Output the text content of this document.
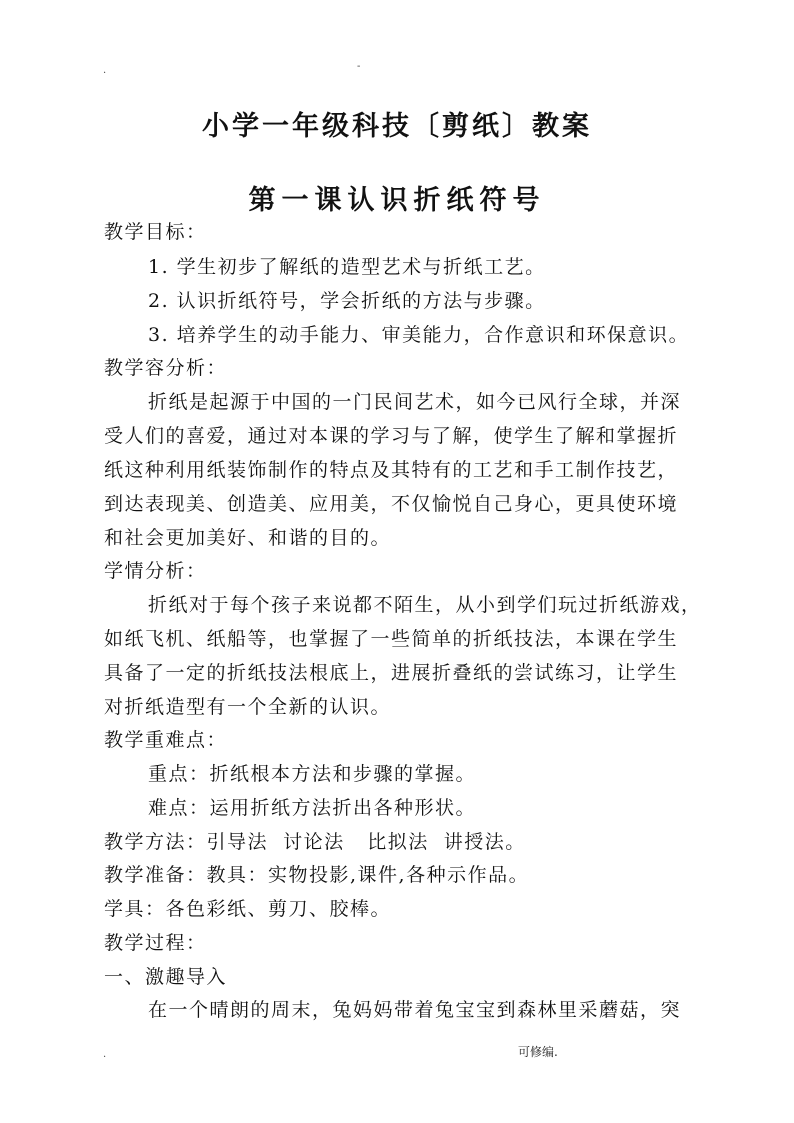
.	-
小学一年级科技〔剪纸〕教案
第一课认识折纸符号
教学目标：
1. 学生初步了解纸的造型艺术与折纸工艺。
2. 认识折纸符号，学会折纸的方法与步骤。
3. 培养学生的动手能力、审美能力，合作意识和环保意识。
教学容分析：
折纸是起源于中国的一门民间艺术，如今已风行全球，并深
受人们的喜爱，通过对本课的学习与了解，使学生了解和掌握折
纸这种利用纸装饰制作的特点及其特有的工艺和手工制作技艺，
到达表现美、创造美、应用美，不仅愉悦自己身心，更具使环境
和社会更加美好、和谐的目的。
学情分析：
折纸对于每个孩子来说都不陌生，从小到学们玩过折纸游戏，
如纸飞机、纸船等，也掌握了一些简单的折纸技法，本课在学生
具备了一定的折纸技法根底上，进展折叠纸的尝试练习，让学生
对折纸造型有一个全新的认识。
教学重难点：
重点：折纸根本方法和步骤的掌握。
难点：运用折纸方法折出各种形状。
教学方法：引导法  讨论法   比拟法  讲授法。
教学准备：教具：实物投影,课件,各种示作品。
学具：各色彩纸、剪刀、胶棒。
教学过程：
一、激趣导入
在一个晴朗的周末，兔妈妈带着兔宝宝到森林里采蘑菇，突
.	可修编.
